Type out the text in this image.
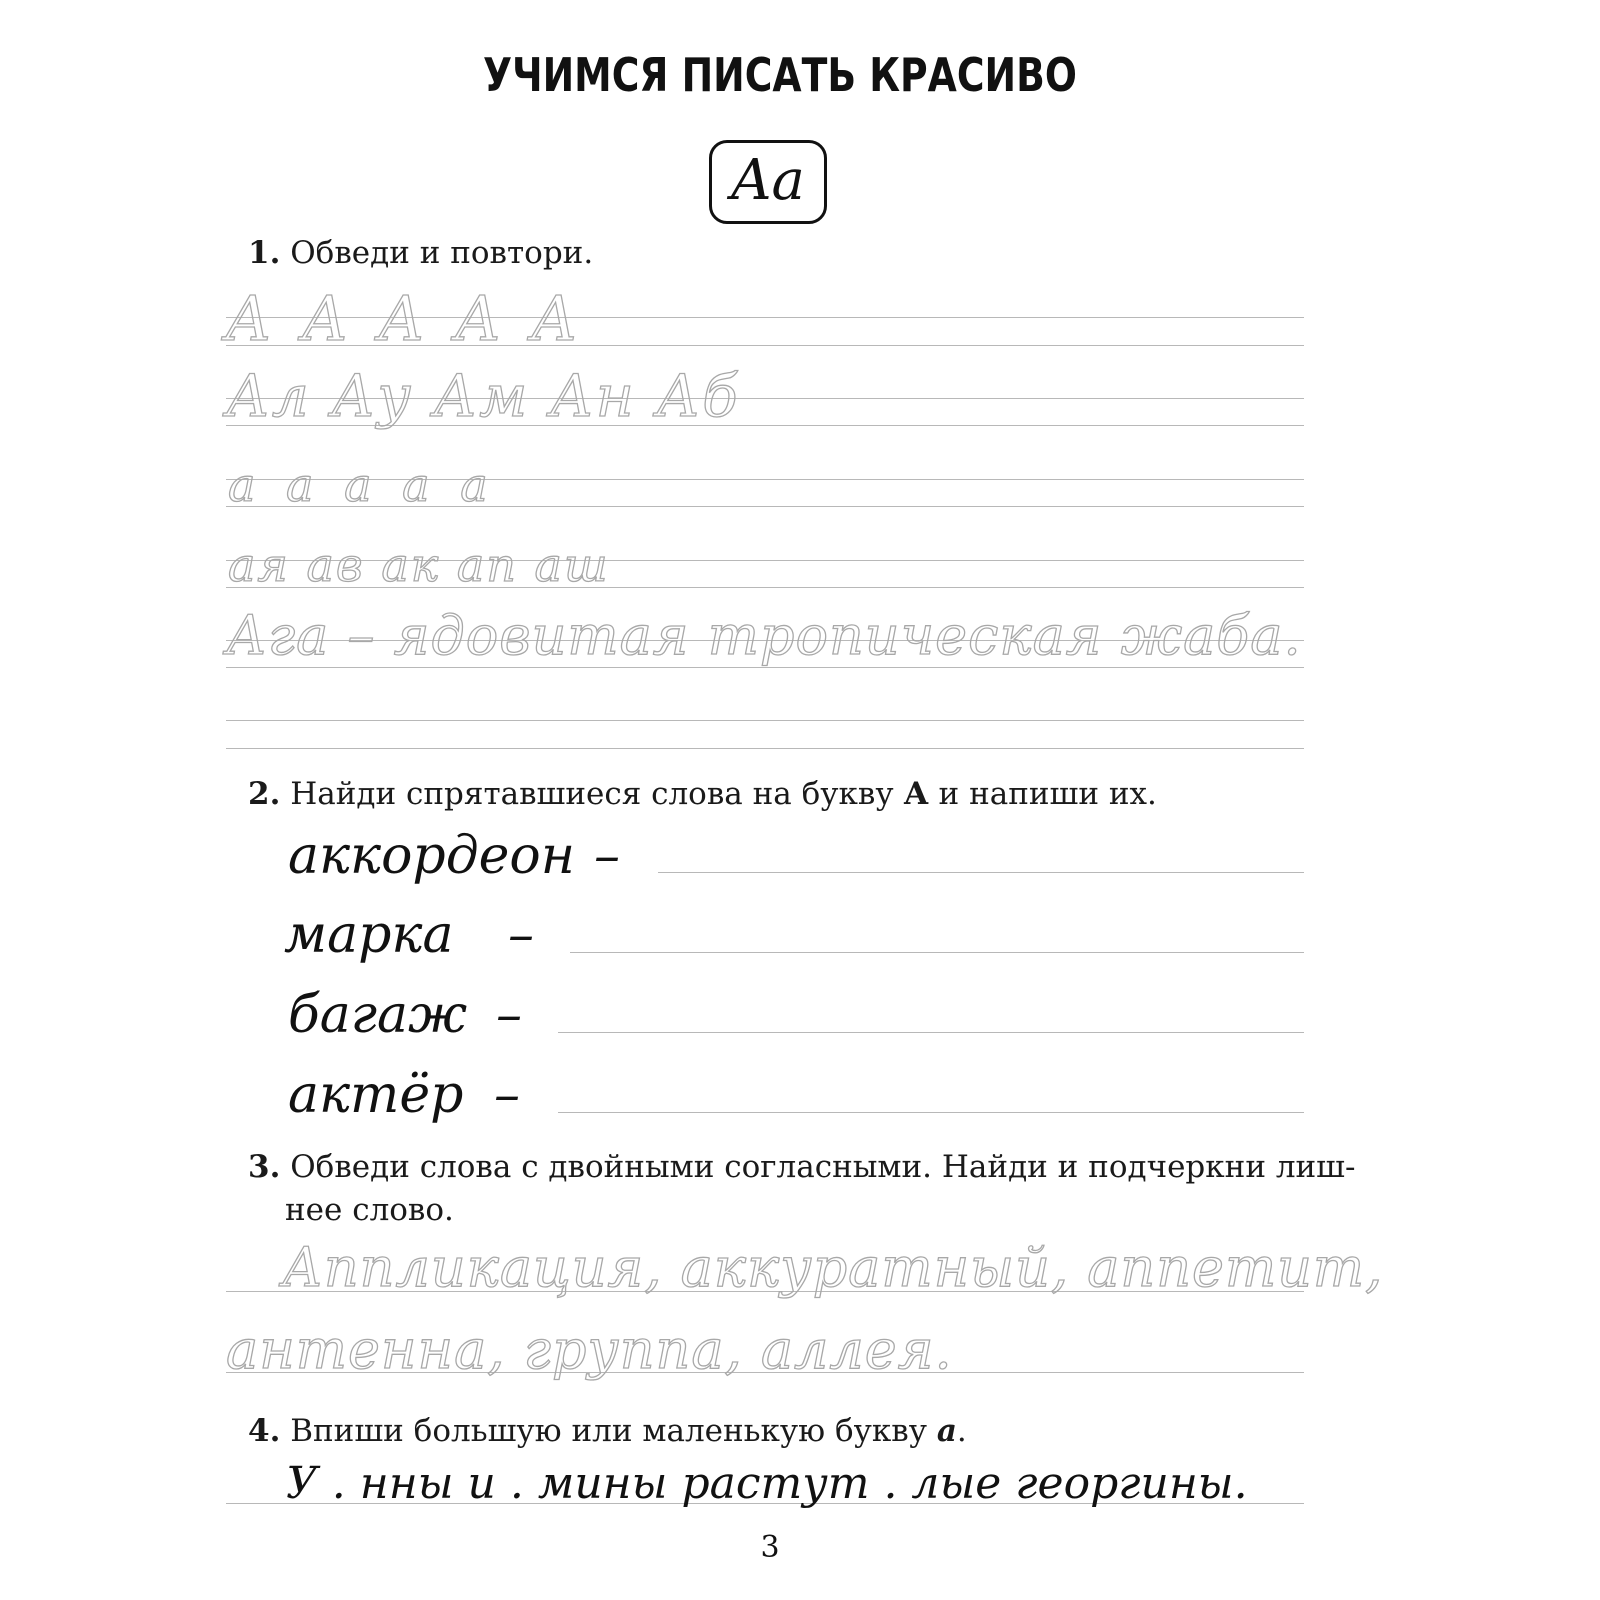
УЧИМСЯ ПИСАТЬ КРАСИВО
Aa
1. Обведи и повтори.
A A A A A
Ал Ау Ам Ан Аб
а а а а а
ая ав ак ап аш
Ага – ядовитая тропическая жаба.
2. Найди спрятавшиеся слова на букву А и напиши их.
аккордеон –
марка –
багаж –
актёр –
3. Обведи слова с двойными согласными. Найди и подчеркни лиш-
нее слово.
Аппликация, аккуратный, аппетит,
антенна, группа, аллея.
4. Впиши большую или маленькую букву а.
У . нны и . мины растут . лые георгины.
3
